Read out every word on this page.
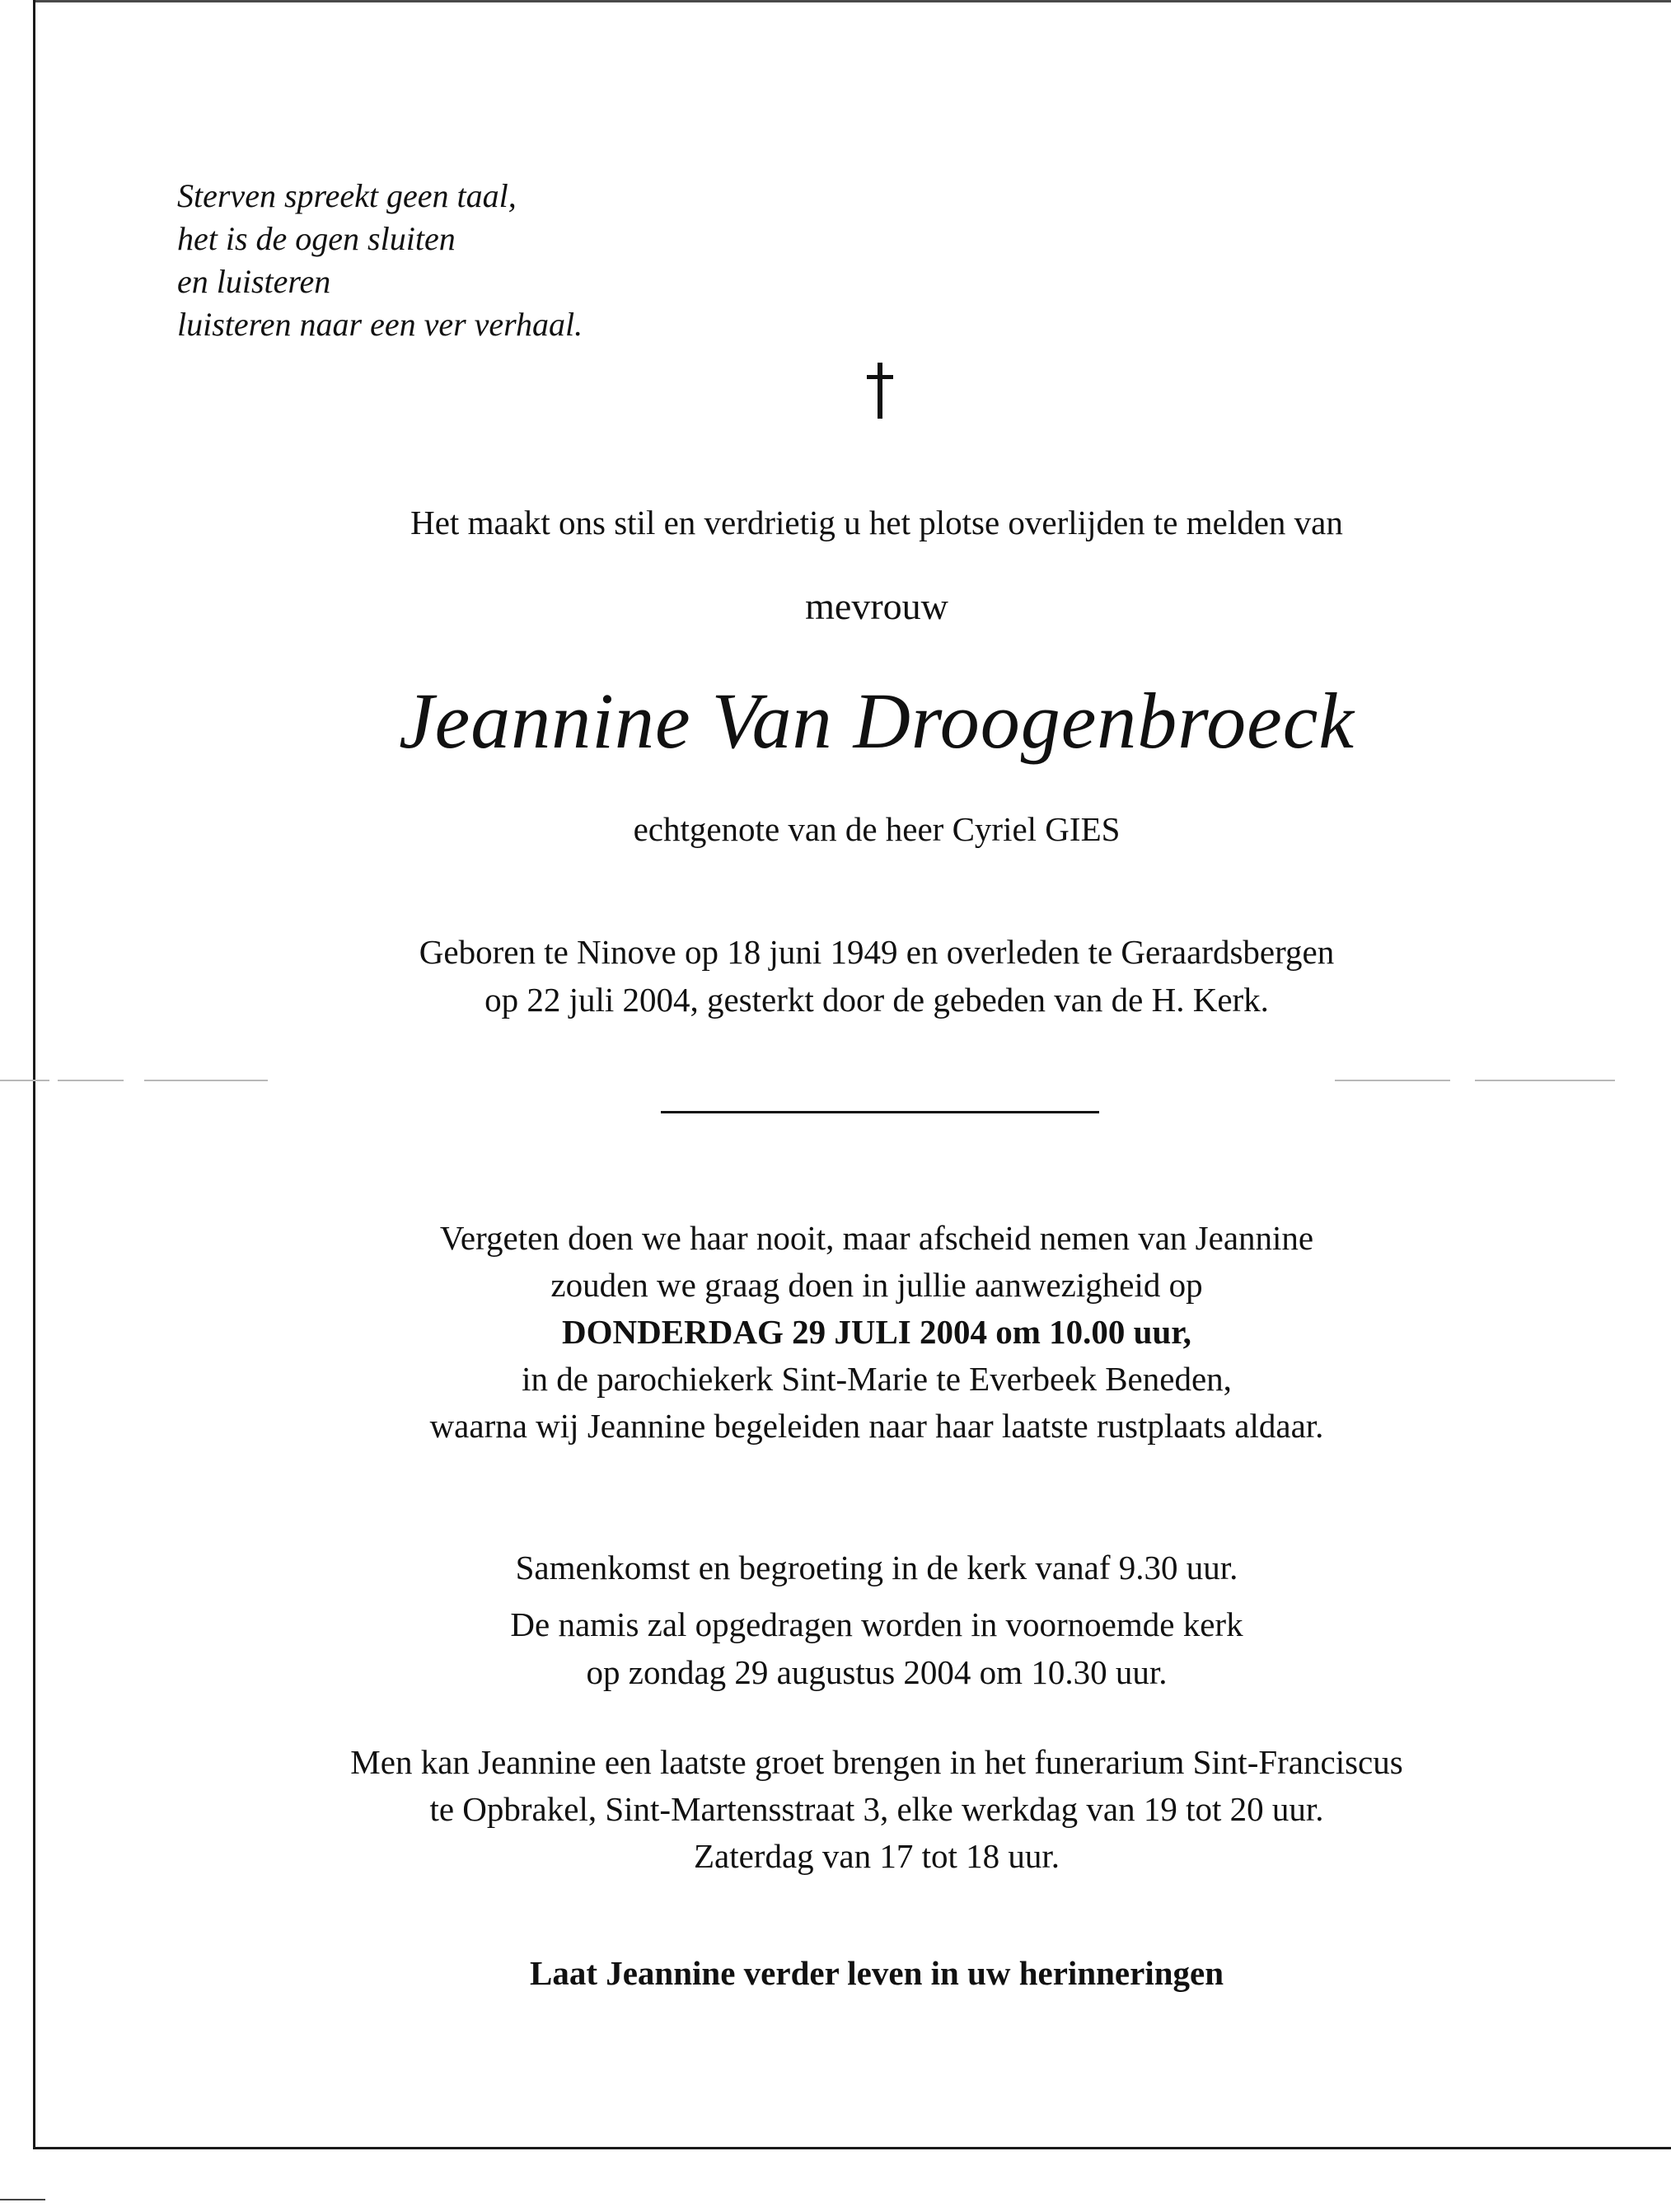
Sterven spreekt geen taal,
het is de ogen sluiten
en luisteren
luisteren naar een ver verhaal.
Het maakt ons stil en verdrietig u het plotse overlijden te melden van
mevrouw
Jeannine Van Droogenbroeck
echtgenote van de heer Cyriel GIES
Geboren te Ninove op 18 juni 1949 en overleden te Geraardsbergen
op 22 juli 2004, gesterkt door de gebeden van de H. Kerk.
Vergeten doen we haar nooit, maar afscheid nemen van Jeannine
zouden we graag doen in jullie aanwezigheid op
DONDERDAG 29 JULI 2004 om 10.00 uur,
in de parochiekerk Sint-Marie te Everbeek Beneden,
waarna wij Jeannine begeleiden naar haar laatste rustplaats aldaar.
Samenkomst en begroeting in de kerk vanaf 9.30 uur.
De namis zal opgedragen worden in voornoemde kerk
op zondag 29 augustus 2004 om 10.30 uur.
Men kan Jeannine een laatste groet brengen in het funerarium Sint-Franciscus
te Opbrakel, Sint-Martensstraat 3, elke werkdag van 19 tot 20 uur.
Zaterdag van 17 tot 18 uur.
Laat Jeannine verder leven in uw herinneringen
